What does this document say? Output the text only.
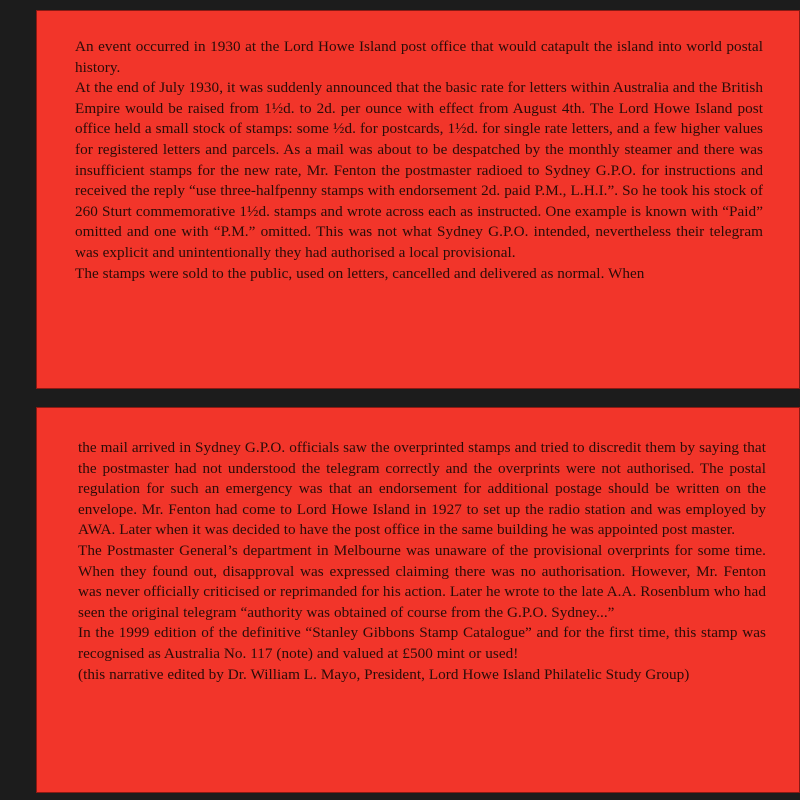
An event occurred in 1930 at the Lord Howe Island post office that would catapult the island into world postal history.

At the end of July 1930, it was suddenly announced that the basic rate for letters within Australia and the British Empire would be raised from 1½d. to 2d. per ounce with effect from August 4th. The Lord Howe Island post office held a small stock of stamps: some ½d. for postcards, 1½d. for single rate letters, and a few higher values for registered letters and parcels. As a mail was about to be despatched by the monthly steamer and there was insufficient stamps for the new rate, Mr. Fenton the postmaster radioed to Sydney G.P.O. for instructions and received the reply “use three-halfpenny stamps with endorsement 2d. paid P.M., L.H.I.”. So he took his stock of 260 Sturt commemorative 1½d. stamps and wrote across each as instructed. One example is known with “Paid” omitted and one with “P.M.” omitted. This was not what Sydney G.P.O. intended, nevertheless their telegram was explicit and unintentionally they had authorised a local provisional.

The stamps were sold to the public, used on letters, cancelled and delivered as normal. When

the mail arrived in Sydney G.P.O. officials saw the overprinted stamps and tried to discredit them by saying that the postmaster had not understood the telegram correctly and the overprints were not authorised. The postal regulation for such an emergency was that an endorsement for additional postage should be written on the envelope. Mr. Fenton had come to Lord Howe Island in 1927 to set up the radio station and was employed by AWA. Later when it was decided to have the post office in the same building he was appointed post master.

The Postmaster General’s department in Melbourne was unaware of the provisional overprints for some time. When they found out, disapproval was expressed claiming there was no authorisation. However, Mr. Fenton was never officially criticised or reprimanded for his action. Later he wrote to the late A.A. Rosenblum who had seen the original telegram “authority was obtained of course from the G.P.O. Sydney...”

In the 1999 edition of the definitive “Stanley Gibbons Stamp Catalogue” and for the first time, this stamp was recognised as Australia No. 117 (note) and valued at £500 mint or used!

(this narrative edited by Dr. William L. Mayo, President, Lord Howe Island Philatelic Study Group)
